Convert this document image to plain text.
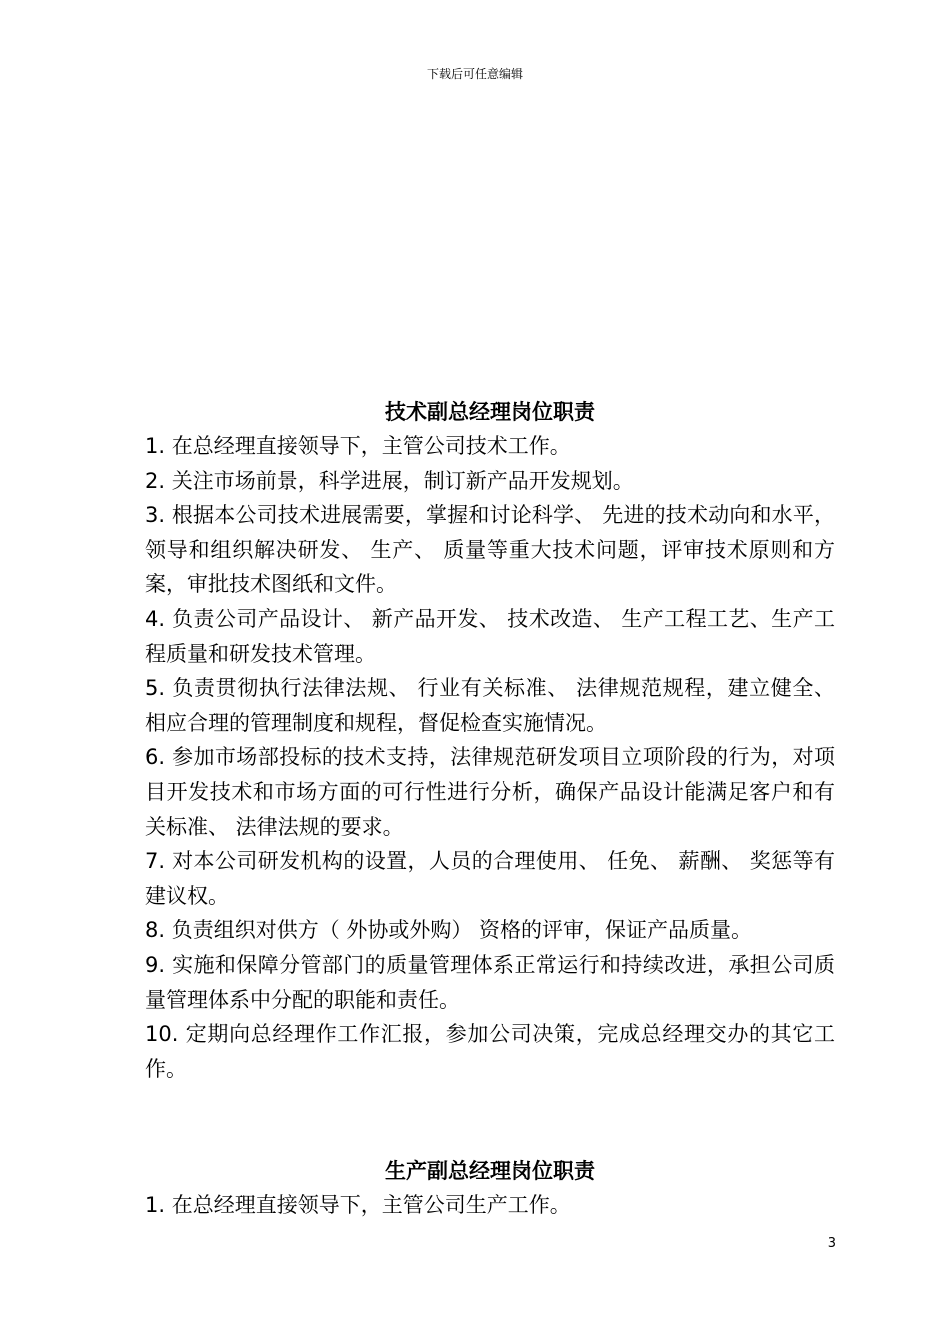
下载后可任意编辑
技术副总经理岗位职责
1. 在总经理直接领导下，主管公司技术工作。
2. 关注市场前景，科学进展，制订新产品开发规划。
3. 根据本公司技术进展需要，掌握和讨论科学、 先进的技术动向和水平，领导和组织解决研发、 生产、 质量等重大技术问题，评审技术原则和方案，审批技术图纸和文件。
4. 负责公司产品设计、 新产品开发、 技术改造、 生产工程工艺、生产工程质量和研发技术管理。
5. 负责贯彻执行法律法规、 行业有关标准、 法律规范规程，建立健全、 相应合理的管理制度和规程，督促检查实施情况。
6. 参加市场部投标的技术支持，法律规范研发项目立项阶段的行为，对项目开发技术和市场方面的可行性进行分析，确保产品设计能满足客户和有关标准、 法律法规的要求。
7. 对本公司研发机构的设置，人员的合理使用、 任免、 薪酬、 奖惩等有建议权。
8. 负责组织对供方（ 外协或外购） 资格的评审，保证产品质量。
9. 实施和保障分管部门的质量管理体系正常运行和持续改进，承担公司质量管理体系中分配的职能和责任。
10. 定期向总经理作工作汇报，参加公司决策，完成总经理交办的其它工作。
生产副总经理岗位职责
1. 在总经理直接领导下，主管公司生产工作。
3
